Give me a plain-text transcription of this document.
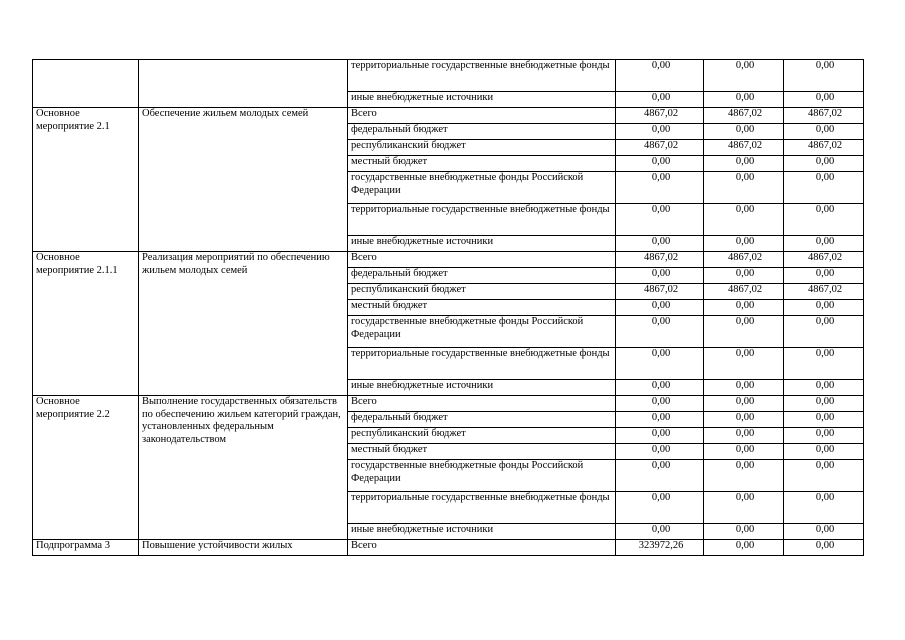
		территориальные государственные внебюджетные фонды	0,00	0,00	0,00
		иные внебюджетные источники	0,00	0,00	0,00
Основное мероприятие 2.1	Обеспечение жильем молодых семей	Всего	4867,02	4867,02	4867,02
		федеральный бюджет	0,00	0,00	0,00
		республиканский бюджет	4867,02	4867,02	4867,02
		местный бюджет	0,00	0,00	0,00
		государственные внебюджетные фонды Российской Федерации	0,00	0,00	0,00
		территориальные государственные внебюджетные фонды	0,00	0,00	0,00
		иные внебюджетные источники	0,00	0,00	0,00
Основное мероприятие 2.1.1	Реализация мероприятий по обеспечению жильем молодых семей	Всего	4867,02	4867,02	4867,02
		федеральный бюджет	0,00	0,00	0,00
		республиканский бюджет	4867,02	4867,02	4867,02
		местный бюджет	0,00	0,00	0,00
		государственные внебюджетные фонды Российской Федерации	0,00	0,00	0,00
		территориальные государственные внебюджетные фонды	0,00	0,00	0,00
		иные внебюджетные источники	0,00	0,00	0,00
Основное мероприятие 2.2	Выполнение государственных обязательств по обеспечению жильем категорий граждан, установленных федеральным законодательством	Всего	0,00	0,00	0,00
		федеральный бюджет	0,00	0,00	0,00
		республиканский бюджет	0,00	0,00	0,00
		местный бюджет	0,00	0,00	0,00
		государственные внебюджетные фонды Российской Федерации	0,00	0,00	0,00
		территориальные государственные внебюджетные фонды	0,00	0,00	0,00
		иные внебюджетные источники	0,00	0,00	0,00
Подпрограмма 3	Повышение устойчивости жилых	Всего	323972,26	0,00	0,00
